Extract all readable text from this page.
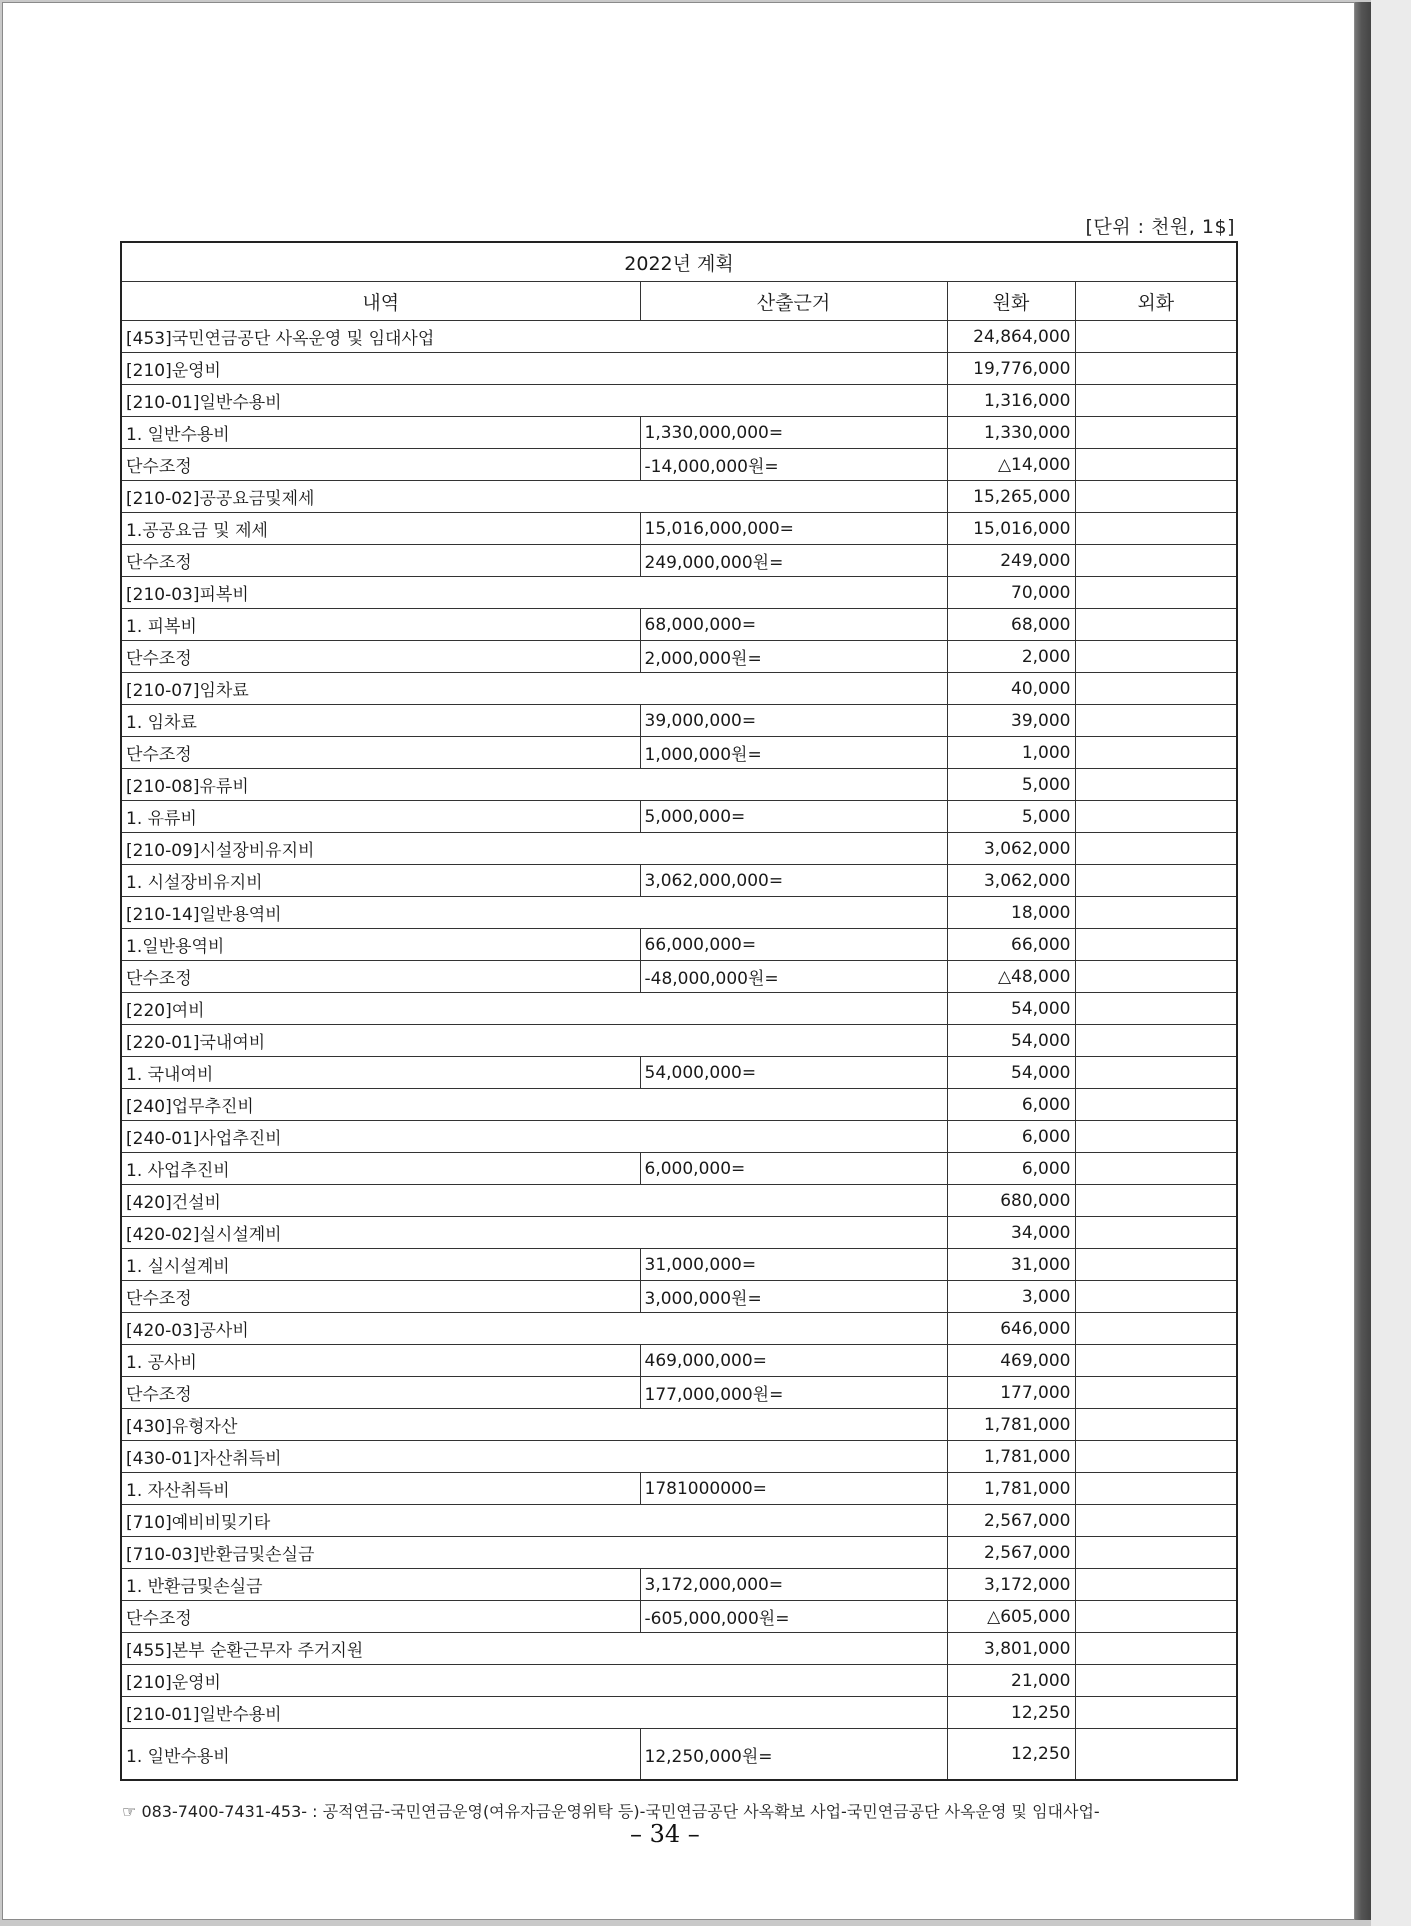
[단위 : 천원, 1$]
2022년 계획			
내역	산출근거	원화	외화
[453]국민연금공단 사옥운영 및 임대사업		24,864,000	
[210]운영비		19,776,000	
[210-01]일반수용비		1,316,000	
1. 일반수용비	1,330,000,000=	1,330,000	
단수조정	-14,000,000원=	△14,000	
[210-02]공공요금및제세		15,265,000	
1.공공요금 및 제세	15,016,000,000=	15,016,000	
단수조정	249,000,000원=	249,000	
[210-03]피복비		70,000	
1. 피복비	68,000,000=	68,000	
단수조정	2,000,000원=	2,000	
[210-07]임차료		40,000	
1. 임차료	39,000,000=	39,000	
단수조정	1,000,000원=	1,000	
[210-08]유류비		5,000	
1. 유류비	5,000,000=	5,000	
[210-09]시설장비유지비		3,062,000	
1. 시설장비유지비	3,062,000,000=	3,062,000	
[210-14]일반용역비		18,000	
1.일반용역비	66,000,000=	66,000	
단수조정	-48,000,000원=	△48,000	
[220]여비		54,000	
[220-01]국내여비		54,000	
1. 국내여비	54,000,000=	54,000	
[240]업무추진비		6,000	
[240-01]사업추진비		6,000	
1. 사업추진비	6,000,000=	6,000	
[420]건설비		680,000	
[420-02]실시설계비		34,000	
1. 실시설계비	31,000,000=	31,000	
단수조정	3,000,000원=	3,000	
[420-03]공사비		646,000	
1. 공사비	469,000,000=	469,000	
단수조정	177,000,000원=	177,000	
[430]유형자산		1,781,000	
[430-01]자산취득비		1,781,000	
1. 자산취득비	1781000000=	1,781,000	
[710]예비비및기타		2,567,000	
[710-03]반환금및손실금		2,567,000	
1. 반환금및손실금	3,172,000,000=	3,172,000	
단수조정	-605,000,000원=	△605,000	
[455]본부 순환근무자 주거지원		3,801,000	
[210]운영비		21,000	
[210-01]일반수용비		12,250	
1. 일반수용비	12,250,000원=	12,250	
☞ 083-7400-7431-453- : 공적연금-국민연금운영(여유자금운영위탁 등)-국민연금공단 사옥확보 사업-국민연금공단 사옥운영 및 임대사업-
– 34 –
